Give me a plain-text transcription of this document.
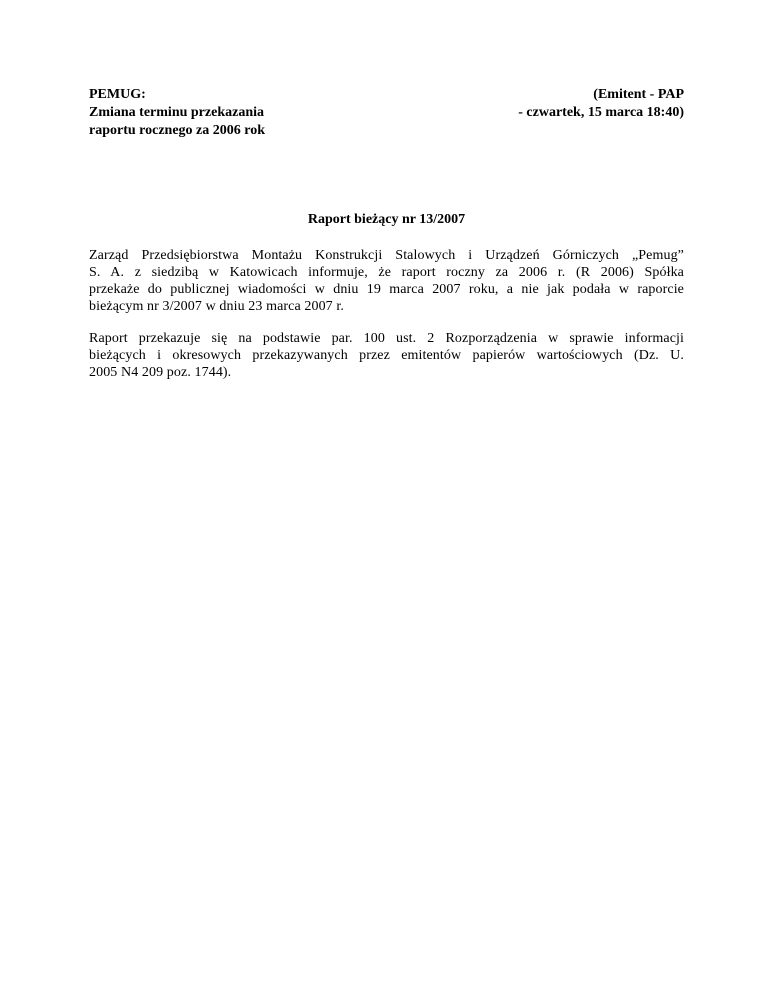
PEMUG:
Zmiana terminu przekazania
raportu rocznego za 2006 rok
(Emitent - PAP
- czwartek, 15 marca 18:40)
Raport bieżący nr 13/2007
Zarząd Przedsiębiorstwa Montażu Konstrukcji Stalowych i Urządzeń Górniczych „Pemug”
S. A. z siedzibą w Katowicach informuje, że raport roczny za 2006 r. (R 2006) Spółka
przekaże do publicznej wiadomości w dniu 19 marca 2007 roku, a nie jak podała w raporcie
bieżącym nr 3/2007 w dniu 23 marca 2007 r.
Raport przekazuje się na podstawie par. 100 ust. 2 Rozporządzenia w sprawie informacji
bieżących i okresowych przekazywanych przez emitentów papierów wartościowych (Dz. U.
2005 N4 209 poz. 1744).
